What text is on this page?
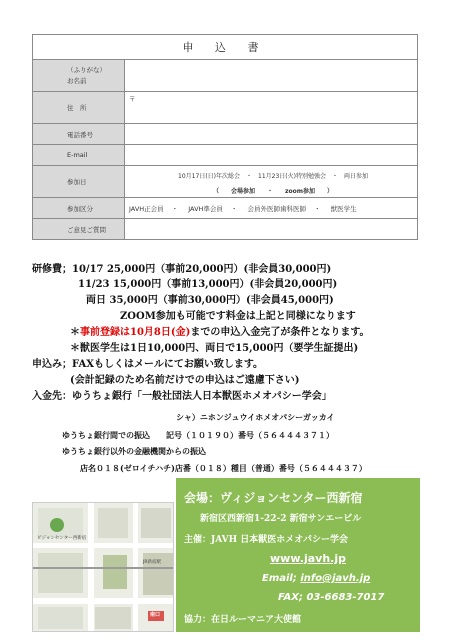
申 込 書	
（ふりがな）
お名前	
住　所	〒

電話番号	
E-mail	
参加日	10月17日(日)年次総会　・　11月23日(火)特別勉強会　・　両日参加
（　　会場参加　　・　　zoom参加　　）

参加区分	JAVH正会員 ・ JAVH準会員 ・ 会員外医師歯科医師 ・ 獣医学生
ご意見ご質問	
研修費；10/17 25,000円（事前20,000円）(非会員30,000円)
11/23 15,000円（事前13,000円）(非会員20,000円)
両日 35,000円（事前30,000円）(非会員45,000円)
ZOOM参加も可能です料金は上記と同様になります
＊事前登録は10月8日(金)までの申込入金完了が条件となります。
＊獣医学生は1日10,000円、両日で15,000円（要学生証提出)
申込み；FAXもしくはメールにてお願い致します。
(会計記録のため名前だけでの申込はご遠慮下さい)
入金先：ゆうちょ銀行「一般社団法人日本獣医ホメオパシー学会」
シャ）ニホンジュウイホメオパシーガッカイ
ゆうちょ銀行間での振込　　記号（１０１９０）番号（５６４４４３７１）
ゆうちょ銀行以外の金融機関からの振込
店名０１８(ゼロイチハチ)店番（０１８）種目（普通）番号（５６４４４３７）
ビジョンセンター西新宿
JR新宿駅
南口
会場：ヴィジョンセンター西新宿
新宿区西新宿1-22-2 新宿サンエービル
主催：JAVH 日本獣医ホメオパシー学会
www.javh.jp
Email; info@javh.jp
FAX; 03-6683-7017
協力：在日ルーマニア大使館
